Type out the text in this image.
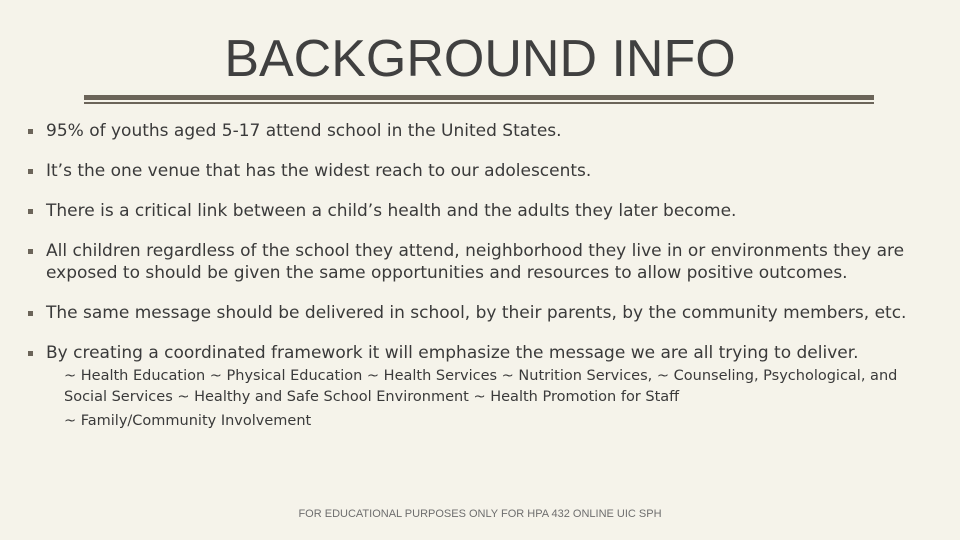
BACKGROUND INFO
95% of youths aged 5-17 attend school in the United States.
It’s the one venue that has the widest reach to our adolescents.
There is a critical link between a child’s health and the adults they later become.
All children regardless of the school they attend, neighborhood they live in or environments they are exposed to should be given the same opportunities and resources to allow positive outcomes.
The same message should be delivered in school, by their parents, by the community members, etc.
By creating a coordinated framework it will emphasize the message we are all trying to deliver.
~ Health Education ~ Physical Education ~ Health Services ~ Nutrition Services, ~ Counseling, Psychological, and
Social Services ~ Healthy and Safe School Environment ~ Health Promotion for Staff
~ Family/Community Involvement
FOR EDUCATIONAL PURPOSES ONLY FOR HPA 432 ONLINE UIC SPH
